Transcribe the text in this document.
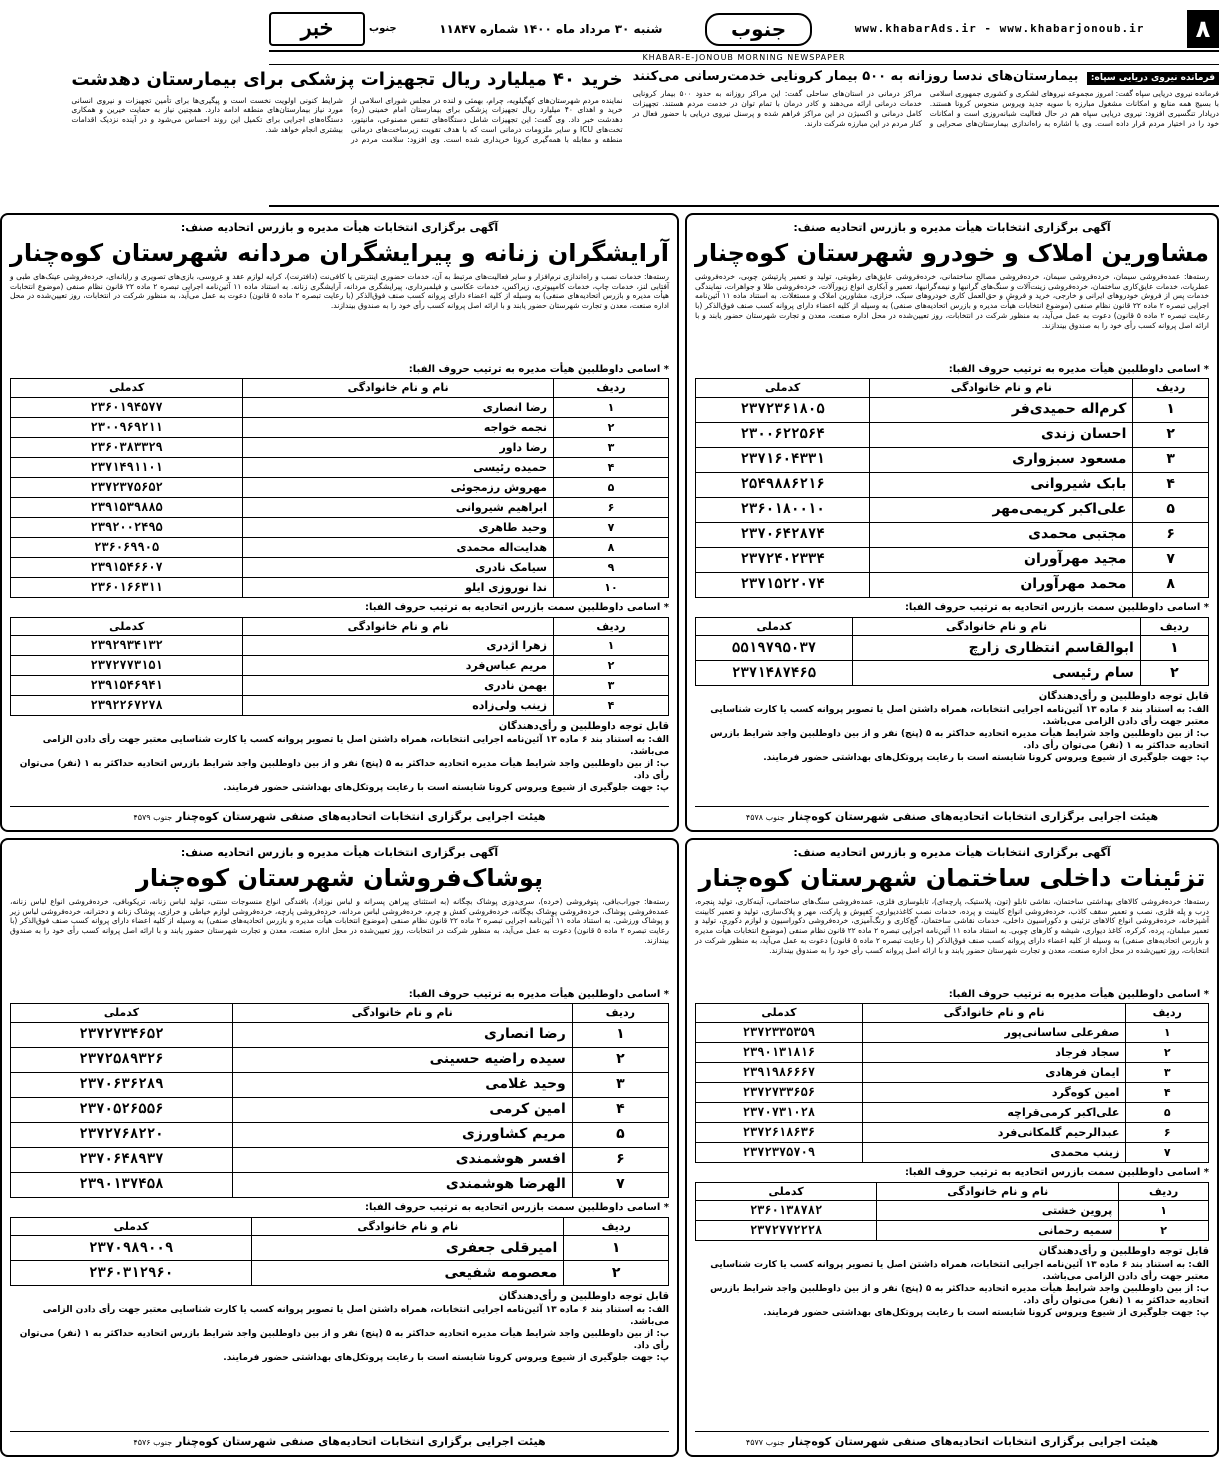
۸
www.khabarAds.ir - www.khabarjonoub.ir
جنوب
شنبه ۳۰ مرداد ماه ۱۴۰۰ شماره ۱۱۸۴۷
خبر	جنوب
KHABAR-E-JONOUB MORNING NEWSPAPER
فرمانده نیروی دریایی سپاه: بیمارستان‌های ندسا روزانه به ۵۰۰ بیمار کرونایی خدمت‌رسانی می‌کنند
فرمانده نیروی دریایی سپاه گفت: امروز مجموعه نیروهای لشکری و کشوری جمهوری اسلامی با بسیج همه منابع و امکانات مشغول مبارزه با سویه جدید ویروس منحوس کرونا هستند. دریادار تنگسیری افزود: نیروی دریایی سپاه هم در حال فعالیت شبانه‌روزی است و امکانات خود را در اختیار مردم قرار داده است. وی با اشاره به راه‌اندازی بیمارستان‌های صحرایی و مراکز درمانی در استان‌های ساحلی گفت: این مراکز روزانه به حدود ۵۰۰ بیمار کرونایی خدمات درمانی ارائه می‌دهند و کادر درمان با تمام توان در خدمت مردم هستند. تجهیزات کامل درمانی و اکسیژن در این مراکز فراهم شده و پرسنل نیروی دریایی با حضور فعال در کنار مردم در این مبارزه شرکت دارند.
خرید ۴۰ میلیارد ریال تجهیزات پزشکی برای بیمارستان دهدشت
نماینده مردم شهرستان‌های کهگیلویه، چرام، بهمئی و لنده در مجلس شورای اسلامی از خرید و اهدای ۴۰ میلیارد ریال تجهیزات پزشکی برای بیمارستان امام خمینی (ره) دهدشت خبر داد. وی گفت: این تجهیزات شامل دستگاه‌های تنفس مصنوعی، مانیتور، تخت‌های ICU و سایر ملزومات درمانی است که با هدف تقویت زیرساخت‌های درمانی منطقه و مقابله با همه‌گیری کرونا خریداری شده است. وی افزود: سلامت مردم در شرایط کنونی اولویت نخست است و پیگیری‌ها برای تأمین تجهیزات و نیروی انسانی مورد نیاز بیمارستان‌های منطقه ادامه دارد. همچنین نیاز به حمایت خیرین و همکاری دستگاه‌های اجرایی برای تکمیل این روند احساس می‌شود و در آینده نزدیک اقدامات بیشتری انجام خواهد شد.
آگهی برگزاری انتخابات هیأت مدیره و بازرس اتحادیه صنف:
مشاورین املاک و خودرو شهرستان کوه‌چنار
رسته‌ها: عمده‌فروشی سیمان، خرده‌فروشی سیمان، خرده‌فروشی مصالح ساختمانی، خرده‌فروشی عایق‌های رطوبتی، تولید و تعمیر پارتیشن چوبی، خرده‌فروشی عطریات، خدمات عایق‌کاری ساختمان، خرده‌فروشی زینت‌آلات و سنگ‌های گرانبها و نیمه‌گرانبها، تعمیر و آبکاری انواع زیورآلات، خرده‌فروشی طلا و جواهرات، نمایندگی خدمات پس از فروش خودروهای ایرانی و خارجی، خرید و فروش و حق‌العمل کاری خودروهای سبک، خزازی، مشاورین املاک و مستغلات. به استناد ماده ۱۱ آئین‌نامه اجرایی تبصره ۲ ماده ۲۲ قانون نظام صنفی (موضوع انتخابات هیأت مدیره و بازرس اتحادیه‌های صنفی) به وسیله از کلیه اعضاء دارای پروانه کسب صنف فوق‌الذکر (با رعایت تبصره ۲ ماده ۵ قانون) دعوت به عمل می‌آید، به منظور شرکت در انتخابات، روز تعیین‌شده در محل اداره صنعت، معدن و تجارت شهرستان حضور یابند و با ارائه اصل پروانه کسب رأی خود را به صندوق بیندازند.
* اسامی داوطلبین هیأت مدیره به ترتیب حروف الفبا:
ردیف	نام و نام خانوادگی	کدملی
۱	کرم‌اله حمیدی‌فر	۲۳۷۲۳۶۱۸۰۵
۲	احسان زندی	۲۳۰۰۶۲۲۵۶۴
۳	مسعود سبزواری	۲۳۷۱۶۰۴۳۳۱
۴	بابک شیروانی	۲۵۴۹۸۸۶۲۱۶
۵	علی‌اکبر کریمی‌مهر	۲۳۶۰۱۸۰۰۱۰
۶	مجتبی محمدی	۲۳۷۰۶۴۲۸۷۴
۷	مجید مهرآوران	۲۳۷۲۴۰۲۳۳۴
۸	محمد مهرآوران	۲۳۷۱۵۲۲۰۷۴
* اسامی داوطلبین سمت بازرس اتحادیه به ترتیب حروف الفبا:
ردیف	نام و نام خانوادگی	کدملی
۱	ابوالقاسم انتظاری زارچ	۵۵۱۹۷۹۵۰۳۷
۲	سام رئیسی	۲۳۷۱۴۸۷۴۶۵
قابل توجه داوطلبین و رأی‌دهندگان
الف: به استناد بند ۶ ماده ۱۳ آئین‌نامه اجرایی انتخابات، همراه داشتن اصل یا تصویر پروانه کسب یا کارت شناسایی معتبر جهت رأی دادن الزامی می‌باشد.
ب: از بین داوطلبین واجد شرایط هیأت مدیره اتحادیه حداکثر به ۵ (پنج) نفر و از بین داوطلبین واجد شرایط بازرس اتحادیه حداکثر به ۱ (نفر) می‌توان رأی داد.
پ: جهت جلوگیری از شیوع ویروس کرونا شایسته است با رعایت پروتکل‌های بهداشتی حضور فرمایند.
هیئت اجرایی برگزاری انتخابات اتحادیه‌های صنفی شهرستان کوه‌چنار جنوب ۴۵۷۸
آگهی برگزاری انتخابات هیأت مدیره و بازرس اتحادیه صنف:
آرایشگران زنانه و پیرایشگران مردانه شهرستان کوه‌چنار
رسته‌ها: خدمات نصب و راه‌اندازی نرم‌افزار و سایر فعالیت‌های مرتبط به آن، خدمات حضوری اینترنتی یا کافی‌نت (دافترنت)، کرایه لوازم عقد و عروسی، بازی‌های تصویری و رایانه‌ای، خرده‌فروشی عینک‌های طبی و آفتابی لنز، خدمات چاپ، خدمات کامپیوتری، زیراکس، خدمات عکاسی و فیلمبرداری، پیرایشگری مردانه، آرایشگری زنانه. به استناد ماده ۱۱ آئین‌نامه اجرایی تبصره ۲ ماده ۲۲ قانون نظام صنفی (موضوع انتخابات هیأت مدیره و بازرس اتحادیه‌های صنفی) به وسیله از کلیه اعضاء دارای پروانه کسب صنف فوق‌الذکر (با رعایت تبصره ۲ ماده ۵ قانون) دعوت به عمل می‌آید، به منظور شرکت در انتخابات، روز تعیین‌شده در محل اداره صنعت، معدن و تجارت شهرستان حضور یابند و با ارائه اصل پروانه کسب رأی خود را به صندوق بیندازند.
* اسامی داوطلبین هیأت مدیره به ترتیب حروف الفبا:
ردیف	نام و نام خانوادگی	کدملی
۱	رضا انصاری	۲۳۶۰۱۹۴۵۷۷
۲	نجمه خواجه	۲۳۰۰۹۶۹۲۱۱
۳	رضا داور	۲۳۶۰۳۸۳۳۲۹
۴	حمیده رئیسی	۲۳۷۱۴۹۱۱۰۱
۵	مهروش رزمجوئی	۲۳۷۲۳۷۵۶۵۲
۶	ابراهیم شیروانی	۲۳۹۱۵۳۹۸۸۵
۷	وحید طاهری	۲۳۹۲۰۰۲۴۹۵
۸	هدایت‌اله محمدی	۲۳۶۰۶۹۹۰۵
۹	سیامک نادری	۲۳۹۱۵۴۶۶۰۷
۱۰	ندا نوروزی ایلو	۲۳۶۰۱۶۶۳۱۱
* اسامی داوطلبین سمت بازرس اتحادیه به ترتیب حروف الفبا:
ردیف	نام و نام خانوادگی	کدملی
۱	زهرا اژدری	۲۳۹۲۹۳۴۱۳۲
۲	مریم عباس‌فرد	۲۳۷۲۷۷۳۱۵۱
۳	بهمن نادری	۲۳۹۱۵۴۶۹۴۱
۴	زینب ولی‌زاده	۲۳۹۲۲۶۷۲۷۸
قابل توجه داوطلبین و رأی‌دهندگان
الف: به استناد بند ۶ ماده ۱۳ آئین‌نامه اجرایی انتخابات، همراه داشتن اصل یا تصویر پروانه کسب یا کارت شناسایی معتبر جهت رأی دادن الزامی می‌باشد.
ب: از بین داوطلبین واجد شرایط هیأت مدیره اتحادیه حداکثر به ۵ (پنج) نفر و از بین داوطلبین واجد شرایط بازرس اتحادیه حداکثر به ۱ (نفر) می‌توان رأی داد.
پ: جهت جلوگیری از شیوع ویروس کرونا شایسته است با رعایت پروتکل‌های بهداشتی حضور فرمایند.
هیئت اجرایی برگزاری انتخابات اتحادیه‌های صنفی شهرستان کوه‌چنار جنوب ۴۵۷۹
آگهی برگزاری انتخابات هیأت مدیره و بازرس اتحادیه صنف:
تزئینات داخلی ساختمان شهرستان کوه‌چنار
رسته‌ها: خرده‌فروشی کالاهای بهداشتی ساختمان، نقاشی تابلو (تون، پلاستیک، پارچه‌ای)، تابلوسازی فلزی، عمده‌فروشی سنگ‌های ساختمانی، آینه‌کاری، تولید پنجره، درب و پله فلزی، نصب و تعمیر سقف کاذب، خرده‌فروشی انواع کابینت و پرده، خدمات نصب کاغذدیواری، کفپوش و پارکت، مهر و پلاک‌سازی، تولید و تعمیر کابینت آشپزخانه، خرده‌فروشی انواع کالاهای تزئینی و دکوراسیون داخلی، خدمات نقاشی ساختمان، گچ‌کاری و رنگ‌آمیزی، خرده‌فروشی دکوراسیون و لوازم دکوری، تولید و تعمیر مبلمان، پرده، کرکره، کاغذ دیواری، شیشه و کارهای چوبی. به استناد ماده ۱۱ آئین‌نامه اجرایی تبصره ۲ ماده ۲۲ قانون نظام صنفی (موضوع انتخابات هیأت مدیره و بازرس اتحادیه‌های صنفی) به وسیله از کلیه اعضاء دارای پروانه کسب صنف فوق‌الذکر (با رعایت تبصره ۲ ماده ۵ قانون) دعوت به عمل می‌آید، به منظور شرکت در انتخابات، روز تعیین‌شده در محل اداره صنعت، معدن و تجارت شهرستان حضور یابند و با ارائه اصل پروانه کسب رأی خود را به صندوق بیندازند.
* اسامی داوطلبین هیأت مدیره به ترتیب حروف الفبا:
ردیف	نام و نام خانوادگی	کدملی
۱	صفرعلی ساسانی‌پور	۲۳۷۲۳۳۵۳۵۹
۲	سجاد فرجاد	۲۳۹۰۱۳۱۸۱۶
۳	ایمان فرهادی	۲۳۹۱۹۸۶۶۶۷
۴	امین کوه‌گرد	۲۳۷۲۷۳۳۶۵۶
۵	علی‌اکبر کرمی‌قراچه	۲۳۷۰۷۳۱۰۲۸
۶	عبدالرحیم گلمکانی‌فرد	۲۳۷۲۶۱۸۶۳۶
۷	زینب محمدی	۲۳۷۲۳۷۵۷۰۹
* اسامی داوطلبین سمت بازرس اتحادیه به ترتیب حروف الفبا:
ردیف	نام و نام خانوادگی	کدملی
۱	پروین خشتی	۲۳۶۰۱۳۸۷۸۲
۲	سمیه رحمانی	۲۳۷۲۷۷۲۲۲۸
قابل توجه داوطلبین و رأی‌دهندگان
الف: به استناد بند ۶ ماده ۱۳ آئین‌نامه اجرایی انتخابات، همراه داشتن اصل یا تصویر پروانه کسب یا کارت شناسایی معتبر جهت رأی دادن الزامی می‌باشد.
ب: از بین داوطلبین واجد شرایط هیأت مدیره اتحادیه حداکثر به ۵ (پنج) نفر و از بین داوطلبین واجد شرایط بازرس اتحادیه حداکثر به ۱ (نفر) می‌توان رأی داد.
پ: جهت جلوگیری از شیوع ویروس کرونا شایسته است با رعایت پروتکل‌های بهداشتی حضور فرمایند.
هیئت اجرایی برگزاری انتخابات اتحادیه‌های صنفی شهرستان کوه‌چنار جنوب ۴۵۷۷
آگهی برگزاری انتخابات هیأت مدیره و بازرس اتحادیه صنف:
پوشاک‌فروشان شهرستان کوه‌چنار
رسته‌ها: جوراب‌بافی، پتوفروشی (خرده)، سری‌دوزی پوشاک بچگانه (به استثنای پیراهن پسرانه و لباس نوزاد)، بافندگی انواع منسوجات سنتی، تولید لباس زنانه، تریکوبافی، خرده‌فروشی انواع لباس زنانه، عمده‌فروشی پوشاک، خرده‌فروشی پوشاک بچگانه، خرده‌فروشی کفش و چرم، خرده‌فروشی لباس مردانه، خرده‌فروشی پارچه، خرده‌فروشی لوازم خیاطی و خرازی، پوشاک زنانه و دخترانه، خرده‌فروشی لباس زیر و پوشاک ورزشی. به استناد ماده ۱۱ آئین‌نامه اجرایی تبصره ۲ ماده ۲۲ قانون نظام صنفی (موضوع انتخابات هیأت مدیره و بازرس اتحادیه‌های صنفی) به وسیله از کلیه اعضاء دارای پروانه کسب صنف فوق‌الذکر (با رعایت تبصره ۲ ماده ۵ قانون) دعوت به عمل می‌آید، به منظور شرکت در انتخابات، روز تعیین‌شده در محل اداره صنعت، معدن و تجارت شهرستان حضور یابند و با ارائه اصل پروانه کسب رأی خود را به صندوق بیندازند.
* اسامی داوطلبین هیأت مدیره به ترتیب حروف الفبا:
ردیف	نام و نام خانوادگی	کدملی
۱	رضا انصاری	۲۳۷۲۷۳۴۶۵۲
۲	سیده راضیه حسینی	۲۳۷۲۵۸۹۳۲۶
۳	وحید غلامی	۲۳۷۰۶۳۶۲۸۹
۴	امین کرمی	۲۳۷۰۵۲۶۵۵۶
۵	مریم کشاورزی	۲۳۷۲۷۶۸۲۲۰
۶	افسر هوشمندی	۲۳۷۰۶۴۸۹۳۷
۷	الهرضا هوشمندی	۲۳۹۰۱۳۷۴۵۸
* اسامی داوطلبین سمت بازرس اتحادیه به ترتیب حروف الفبا:
ردیف	نام و نام خانوادگی	کدملی
۱	امیرقلی جعفری	۲۳۷۰۹۸۹۰۰۹
۲	معصومه شفیعی	۲۳۶۰۳۱۲۹۶۰
قابل توجه داوطلبین و رأی‌دهندگان
الف: به استناد بند ۶ ماده ۱۳ آئین‌نامه اجرایی انتخابات، همراه داشتن اصل یا تصویر پروانه کسب یا کارت شناسایی معتبر جهت رأی دادن الزامی می‌باشد.
ب: از بین داوطلبین واجد شرایط هیأت مدیره اتحادیه حداکثر به ۵ (پنج) نفر و از بین داوطلبین واجد شرایط بازرس اتحادیه حداکثر به ۱ (نفر) می‌توان رأی داد.
پ: جهت جلوگیری از شیوع ویروس کرونا شایسته است با رعایت پروتکل‌های بهداشتی حضور فرمایند.
هیئت اجرایی برگزاری انتخابات اتحادیه‌های صنفی شهرستان کوه‌چنار جنوب ۴۵۷۶
